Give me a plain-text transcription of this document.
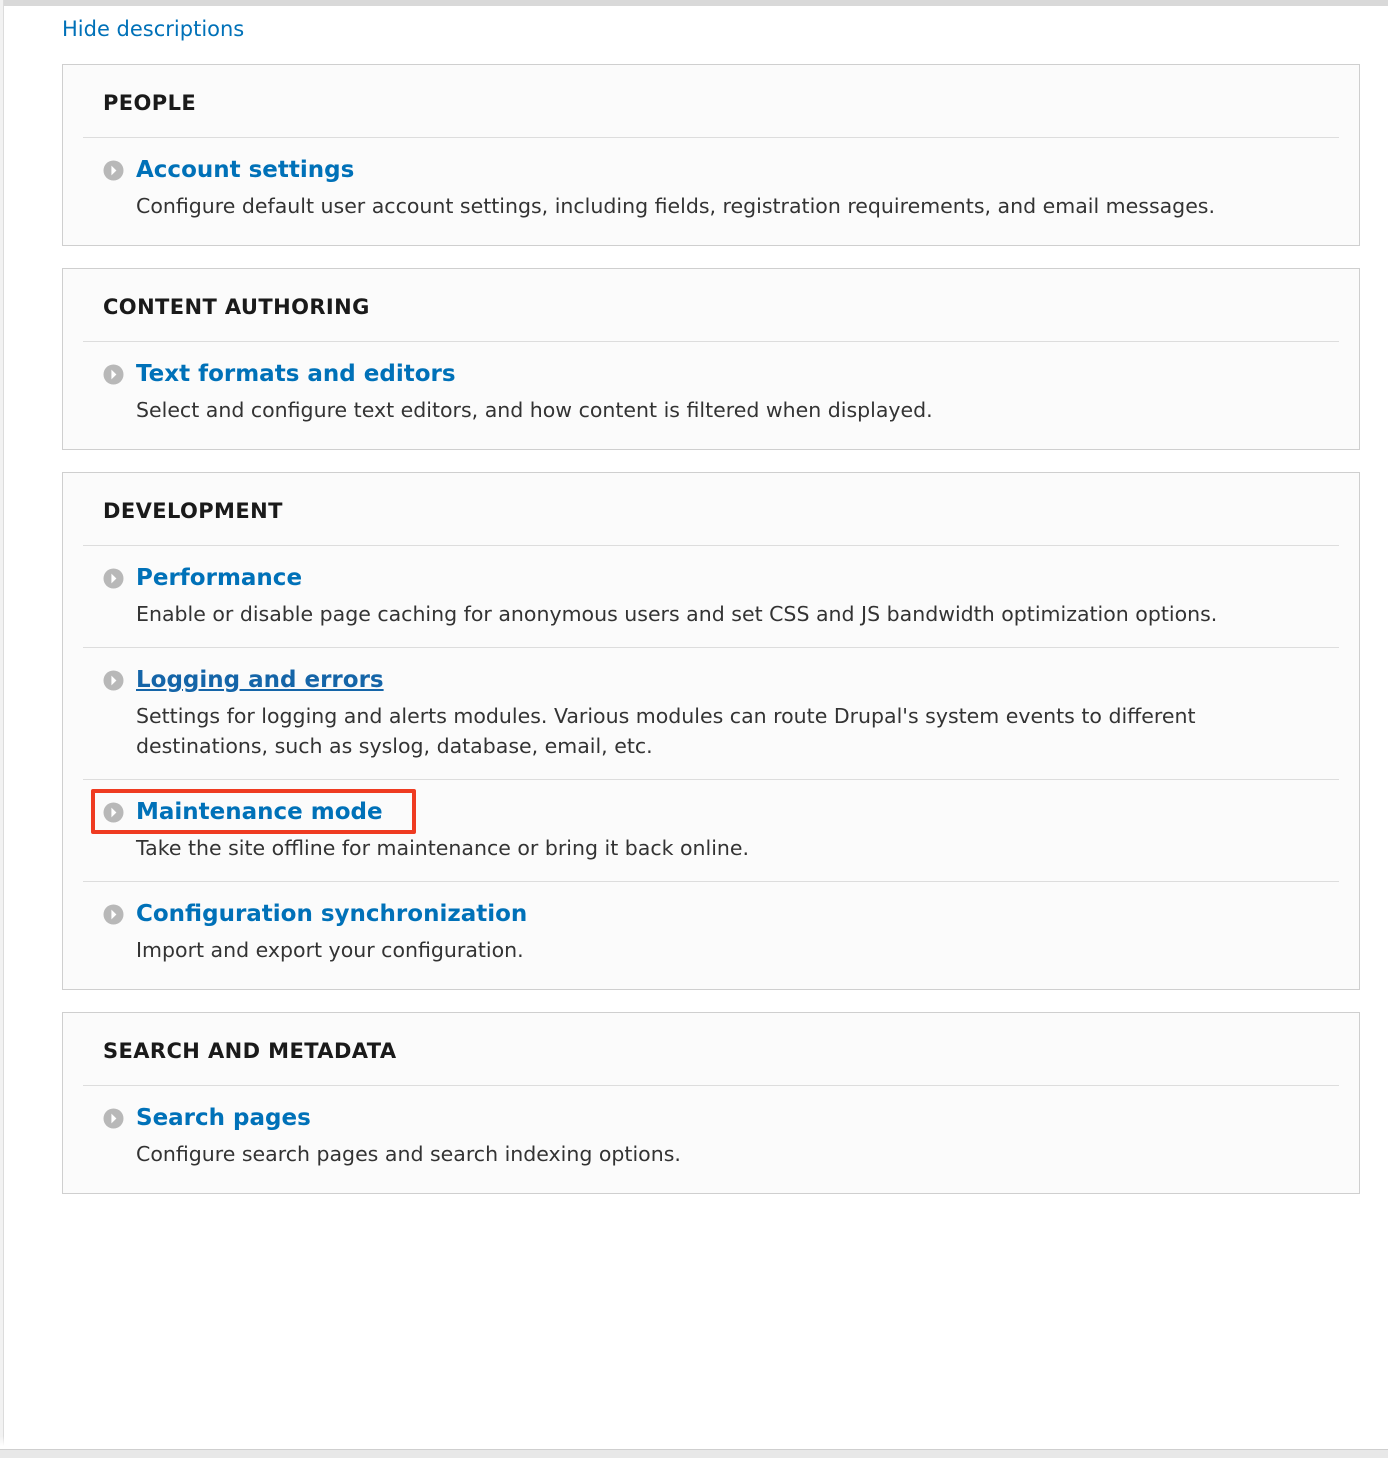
Hide descriptions
PEOPLE
Account settings

Configure default user account settings, including fields, registration requirements, and email messages.

CONTENT AUTHORING
Text formats and editors

Select and configure text editors, and how content is filtered when displayed.

DEVELOPMENT
Performance

Enable or disable page caching for anonymous users and set CSS and JS bandwidth optimization options.

Logging and errors

Settings for logging and alerts modules. Various modules can route Drupal's system events to different destinations, such as syslog, database, email, etc.

Maintenance mode

Take the site offline for maintenance or bring it back online.

Configuration synchronization

Import and export your configuration.

SEARCH AND METADATA
Search pages

Configure search pages and search indexing options.
